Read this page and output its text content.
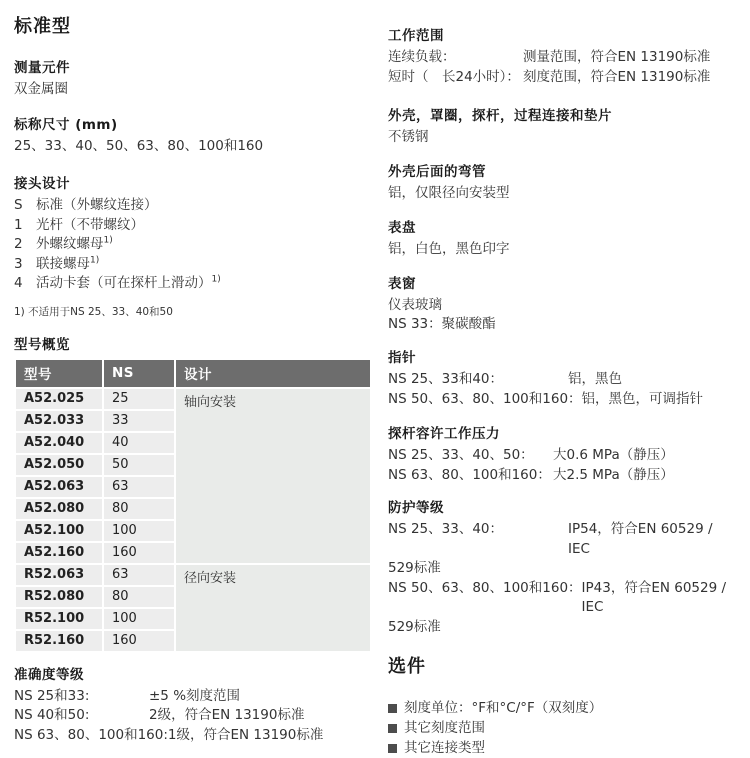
标准型
测量元件
双金属圈
标称尺寸 (mm)
25、33、40、50、63、80、100和160
接头设计
S 标准（外螺纹连接）
1 光杆（不带螺纹）
2 外螺纹螺母$^{1)}$
3 联接螺母$^{1)}$
4 活动卡套（可在探杆上滑动）$^{1)}$
1) 不适用于NS 25、33、40和50
型号概览
型号	NS	设计
A52.025	25	轴向安装
A52.033	33	
A52.040	40	
A52.050	50	
A52.063	63	
A52.080	80	
A52.100	100	
A52.160	160	
R52.063	63	径向安装
R52.080	80	
R52.100	100	
R52.160	160	
准确度等级
NS 25和33:	±5 %刻度范围
NS 40和50:	2级，符合EN 13190标准
NS 63、80、100和160: 1级，符合EN 13190标准
工作范围
连续负载：	测量范围，符合EN 13190标准
短时（　长24小时）： 刻度范围，符合EN 13190标准
外壳，罩圈，探杆，过程连接和垫片
不锈钢
外壳后面的弯管
铝，仅限径向安装型
表盘
铝，白色，黑色印字
表窗
仪表玻璃
NS 33：聚碳酸酯
指针
NS 25、33和40：	铝，黑色
NS 50、63、80、100和160： 铝，黑色，可调指针
探杆容许工作压力
NS 25、33、40、50：	大0.6 MPa（静压）
NS 63、80、100和160： 大2.5 MPa（静压）
防护等级
NS 25、33、40：	IP54，符合EN 60529 / IEC
529标准
NS 50、63、80、100和160： IP43，符合EN 60529 / IEC
529标准
选件
刻度单位：°F和°C/°F（双刻度）
其它刻度范围
其它连接类型
